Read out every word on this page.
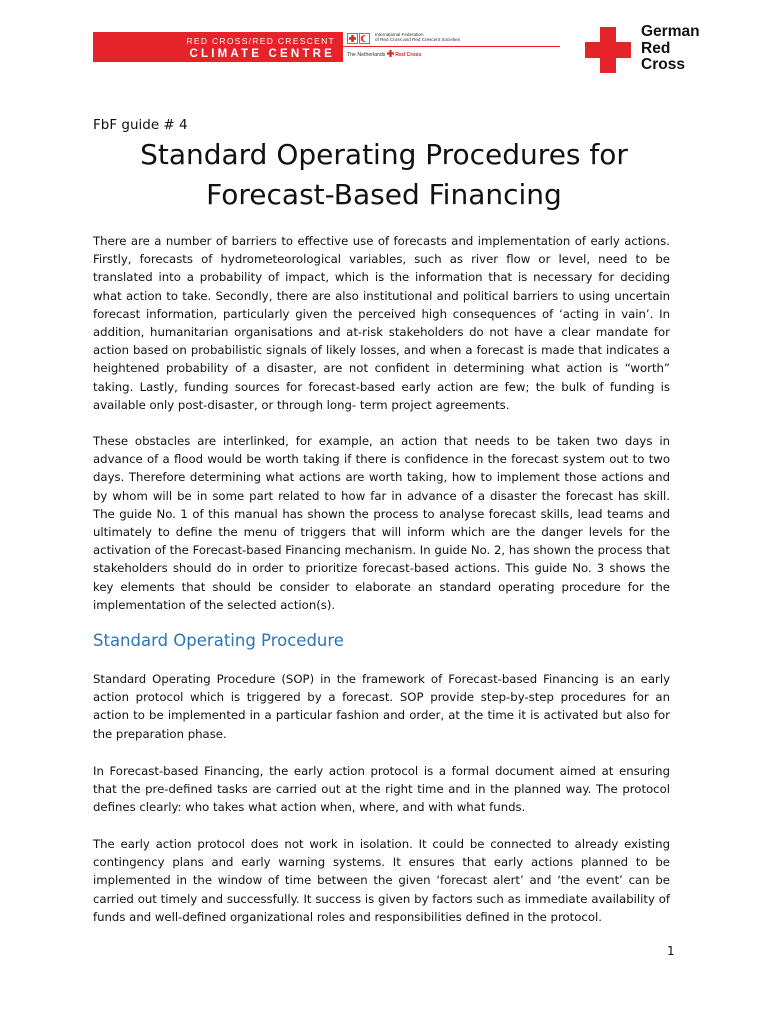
RED CROSS/RED CRESCENT
CLIMATE CENTRE
International Federation
of Red Cross and Red Crescent Societies
The Netherlands Red Cross
German
Red
Cross
FbF guide # 4
Standard Operating Procedures for
Forecast-Based Financing

There are a number of barriers to effective use of forecasts and implementation of early actions. Firstly, forecasts of hydrometeorological variables, such as river flow or level, need to be translated into a probability of impact, which is the information that is necessary for deciding what action to take. Secondly, there are also institutional and political barriers to using uncertain forecast information, particularly given the perceived high consequences of ‘acting in vain’. In addition, humanitarian organisations and at-risk stakeholders do not have a clear mandate for action based on probabilistic signals of likely losses, and when a forecast is made that indicates a heightened probability of a disaster, are not confident in determining what action is “worth” taking. Lastly, funding sources for forecast-based early action are few; the bulk of funding is available only post-disaster, or through long- term project agreements.

These obstacles are interlinked, for example, an action that needs to be taken two days in advance of a flood would be worth taking if there is confidence in the forecast system out to two days. Therefore determining what actions are worth taking, how to implement those actions and by whom will be in some part related to how far in advance of a disaster the forecast has skill. The guide No. 1 of this manual has shown the process to analyse forecast skills, lead teams and ultimately to define the menu of triggers that will inform which are the danger levels for the activation of the Forecast-based Financing mechanism. In guide No. 2, has shown the process that stakeholders should do in order to prioritize forecast-based actions. This guide No. 3 shows the key elements that should be consider to elaborate an standard operating procedure for the implementation of the selected action(s).

Standard Operating Procedure

Standard Operating Procedure (SOP) in the framework of Forecast-based Financing is an early action protocol which is triggered by a forecast. SOP provide step-by-step procedures for an action to be implemented in a particular fashion and order, at the time it is activated but also for the preparation phase.

In Forecast-based Financing, the early action protocol is a formal document aimed at ensuring that the pre-defined tasks are carried out at the right time and in the planned way. The protocol defines clearly: who takes what action when, where, and with what funds.

The early action protocol does not work in isolation. It could be connected to already existing contingency plans and early warning systems. It ensures that early actions planned to be implemented in the window of time between the given ‘forecast alert’ and ‘the event’ can be carried out timely and successfully. It success is given by factors such as immediate availability of funds and well-defined organizational roles and responsibilities defined in the protocol.

1
